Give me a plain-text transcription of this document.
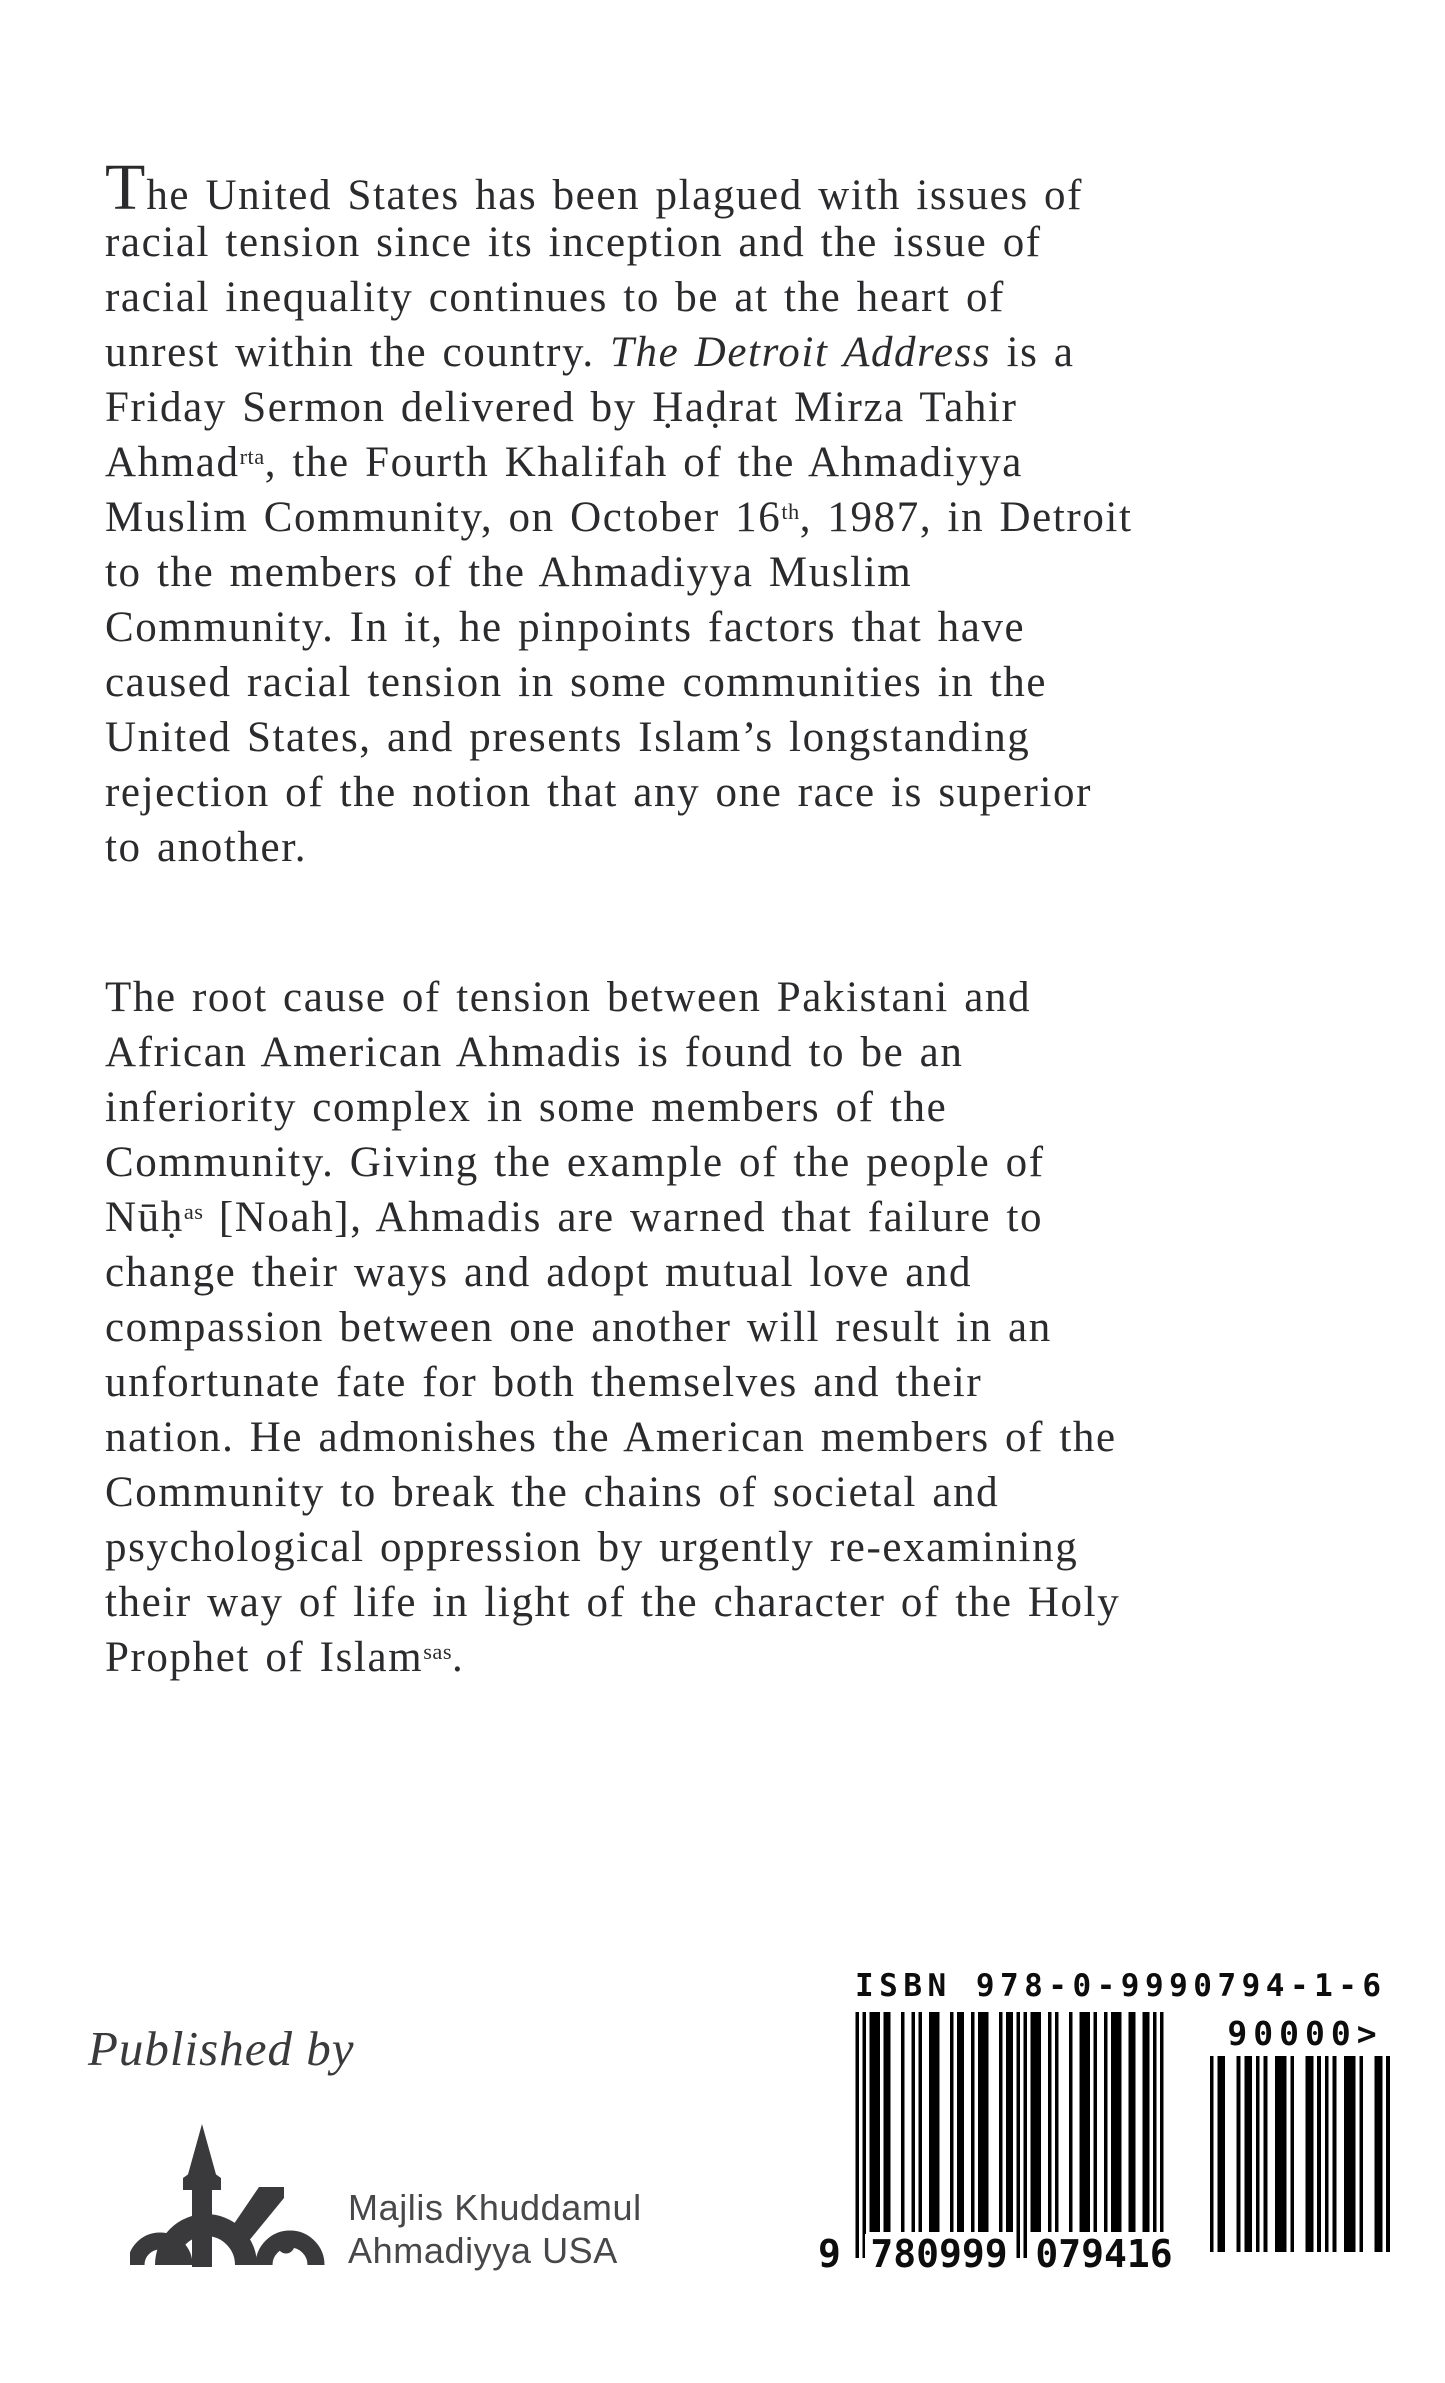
The United States has been plagued with issues of
racial tension since its inception and the issue of
racial inequality continues to be at the heart of
unrest within the country. The Detroit Address is a
Friday Sermon delivered by Ḥaḍrat Mirza Tahir
Ahmad$^{rta}$, the Fourth Khalifah of the Ahmadiyya
Muslim Community, on October 16th, 1987, in Detroit
to the members of the Ahmadiyya Muslim
Community. In it, he pinpoints factors that have
caused racial tension in some communities in the
United States, and presents Islam’s longstanding
rejection of the notion that any one race is superior
to another.
The root cause of tension between Pakistani and
African American Ahmadis is found to be an
inferiority complex in some members of the
Community. Giving the example of the people of
Nūḥ$^{as}$ [Noah], Ahmadis are warned that failure to
change their ways and adopt mutual love and
compassion between one another will result in an
unfortunate fate for both themselves and their
nation. He admonishes the American members of the
Community to break the chains of societal and
psychological oppression by urgently re-examining
their way of life in light of the character of the Holy
Prophet of Islam$^{sas}$.
Published by
Majlis Khuddamul
Ahmadiyya USA
ISBN 978-0-9990794-1-6
9 780999 079416
90000>
